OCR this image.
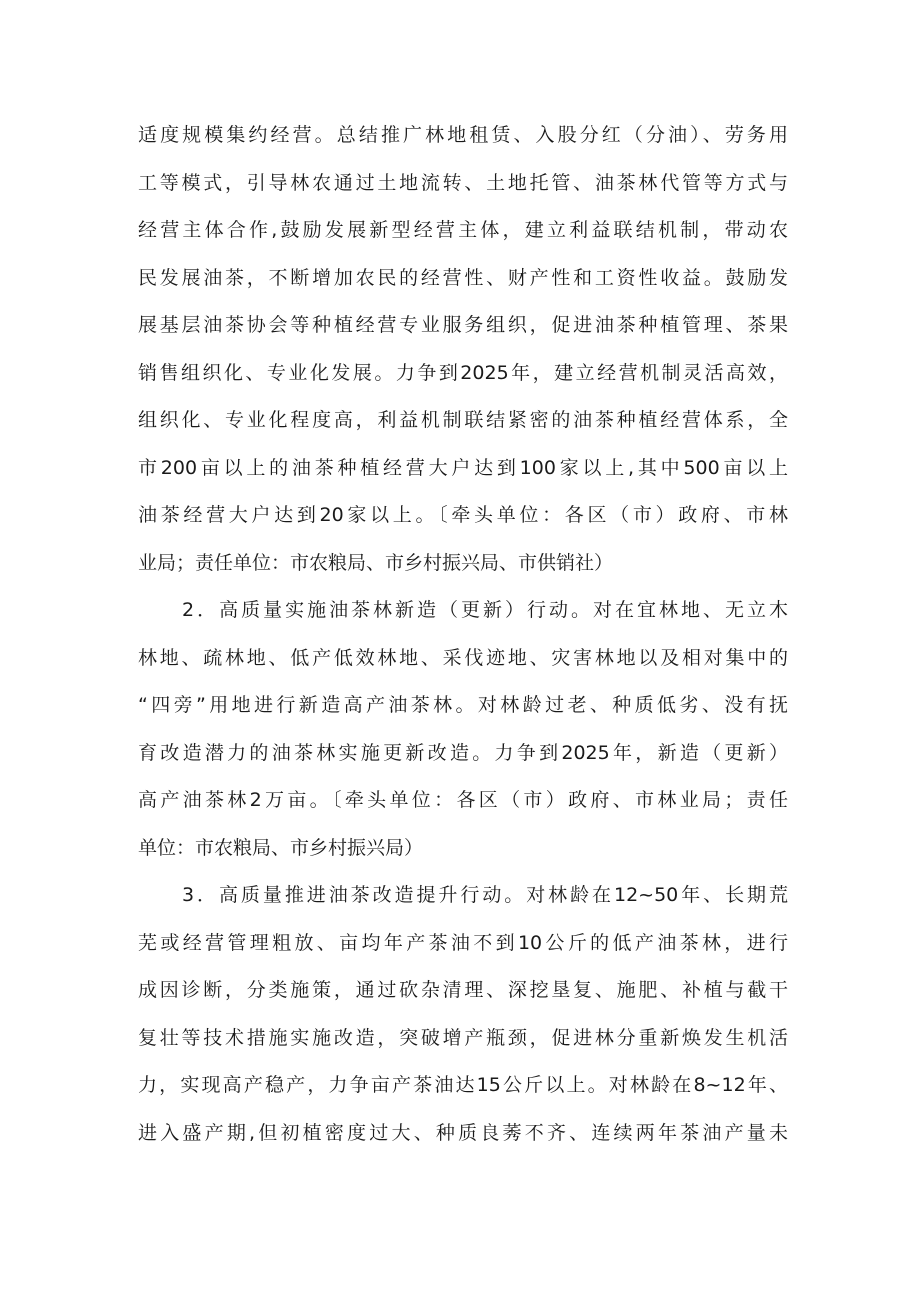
适度规模集约经营。总结推广林地租赁、入股分红（分油）、劳务用
工等模式，引导林农通过土地流转、土地托管、油茶林代管等方式与
经营主体合作,鼓励发展新型经营主体，建立利益联结机制，带动农
民发展油茶，不断增加农民的经营性、财产性和工资性收益。鼓励发
展基层油茶协会等种植经营专业服务组织，促进油茶种植管理、茶果
销售组织化、专业化发展。力争到2025年，建立经营机制灵活高效，
组织化、专业化程度高，利益机制联结紧密的油茶种植经营体系，全
市200亩以上的油茶种植经营大户达到100家以上,其中500亩以上
油茶经营大户达到20家以上。〔牵头单位：各区（市）政府、市林
业局；责任单位：市农粮局、市乡村振兴局、市供销社）
2．高质量实施油茶林新造（更新）行动。对在宜林地、无立木
林地、疏林地、低产低效林地、采伐迹地、灾害林地以及相对集中的
“四旁”用地进行新造高产油茶林。对林龄过老、种质低劣、没有抚
育改造潜力的油茶林实施更新改造。力争到2025年，新造（更新）
高产油茶林2万亩。〔牵头单位：各区（市）政府、市林业局；责任
单位：市农粮局、市乡村振兴局）
3．高质量推进油茶改造提升行动。对林龄在12~50年、长期荒
芜或经营管理粗放、亩均年产茶油不到10公斤的低产油茶林，进行
成因诊断，分类施策，通过砍杂清理、深挖垦复、施肥、补植与截干
复壮等技术措施实施改造，突破增产瓶颈，促进林分重新焕发生机活
力，实现高产稳产，力争亩产茶油达15公斤以上。对林龄在8~12年、
进入盛产期,但初植密度过大、种质良莠不齐、连续两年茶油产量未
